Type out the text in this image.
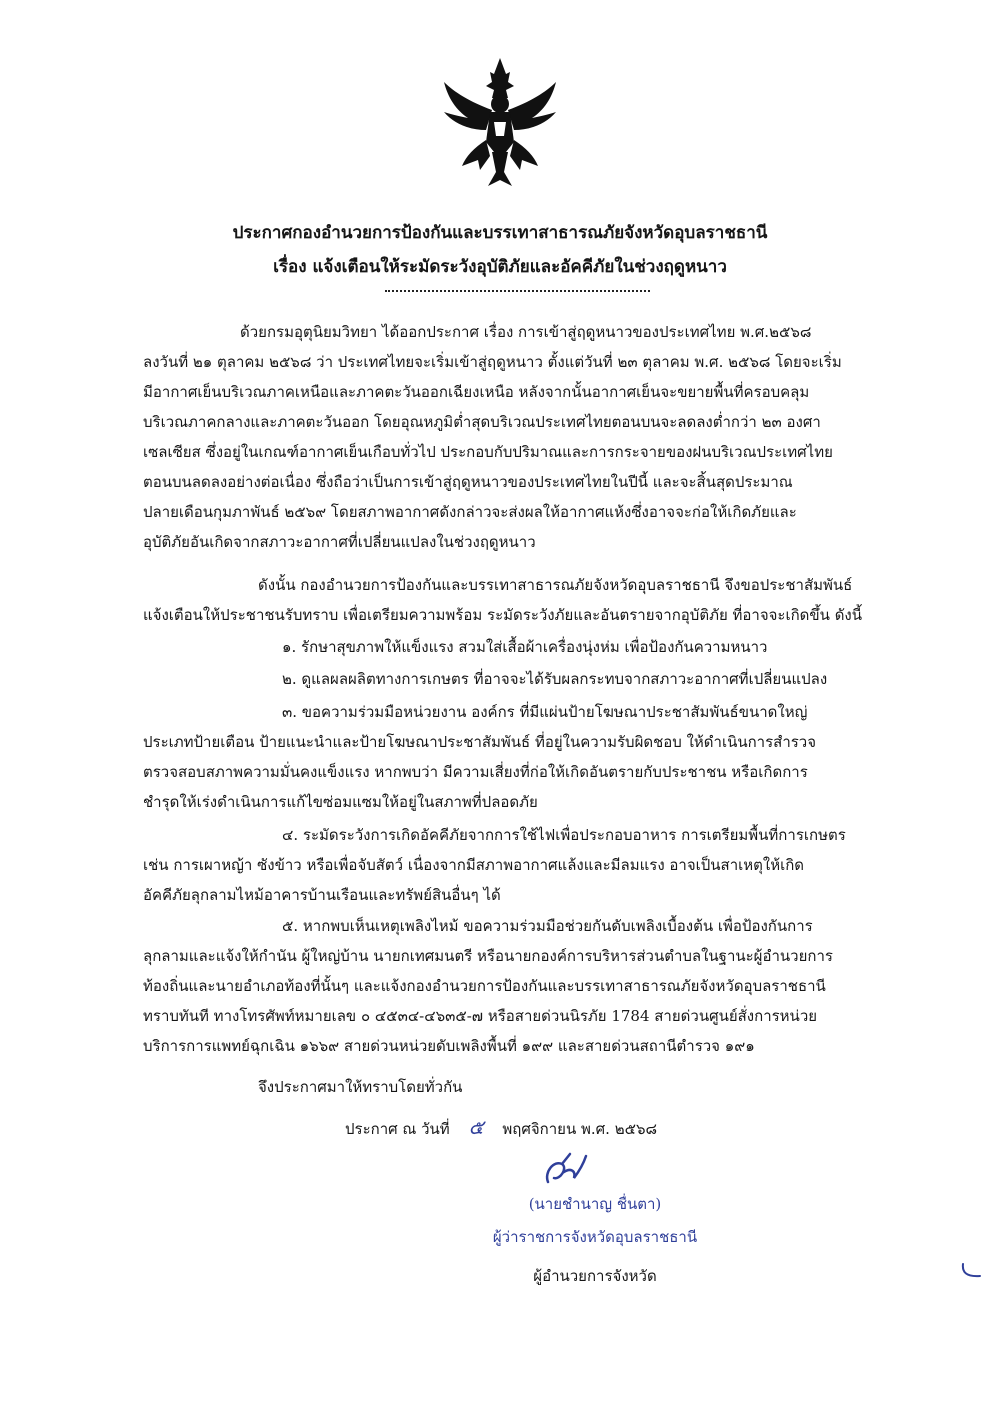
ประกาศกองอำนวยการป้องกันและบรรเทาสาธารณภัยจังหวัดอุบลราชธานี
เรื่อง แจ้งเตือนให้ระมัดระวังอุบัติภัยและอัคคีภัยในช่วงฤดูหนาว
ด้วยกรมอุตุนิยมวิทยา ได้ออกประกาศ เรื่อง การเข้าสู่ฤดูหนาวของประเทศไทย พ.ศ.๒๕๖๘
ลงวันที่ ๒๑ ตุลาคม ๒๕๖๘ ว่า ประเทศไทยจะเริ่มเข้าสู่ฤดูหนาว ตั้งแต่วันที่ ๒๓ ตุลาคม พ.ศ. ๒๕๖๘ โดยจะเริ่ม
มีอากาศเย็นบริเวณภาคเหนือและภาคตะวันออกเฉียงเหนือ หลังจากนั้นอากาศเย็นจะขยายพื้นที่ครอบคลุม
บริเวณภาคกลางและภาคตะวันออก โดยอุณหภูมิต่ำสุดบริเวณประเทศไทยตอนบนจะลดลงต่ำกว่า ๒๓ องศา
เซลเซียส ซึ่งอยู่ในเกณฑ์อากาศเย็นเกือบทั่วไป ประกอบกับปริมาณและการกระจายของฝนบริเวณประเทศไทย
ตอนบนลดลงอย่างต่อเนื่อง ซึ่งถือว่าเป็นการเข้าสู่ฤดูหนาวของประเทศไทยในปีนี้ และจะสิ้นสุดประมาณ
ปลายเดือนกุมภาพันธ์ ๒๕๖๙ โดยสภาพอากาศดังกล่าวจะส่งผลให้อากาศแห้งซึ่งอาจจะก่อให้เกิดภัยและ
อุบัติภัยอันเกิดจากสภาวะอากาศที่เปลี่ยนแปลงในช่วงฤดูหนาว
ดังนั้น กองอำนวยการป้องกันและบรรเทาสาธารณภัยจังหวัดอุบลราชธานี จึงขอประชาสัมพันธ์
แจ้งเตือนให้ประชาชนรับทราบ เพื่อเตรียมความพร้อม ระมัดระวังภัยและอันตรายจากอุบัติภัย ที่อาจจะเกิดขึ้น ดังนี้
๑. รักษาสุขภาพให้แข็งแรง สวมใส่เสื้อผ้าเครื่องนุ่งห่ม เพื่อป้องกันความหนาว
๒. ดูแลผลผลิตทางการเกษตร ที่อาจจะได้รับผลกระทบจากสภาวะอากาศที่เปลี่ยนแปลง
๓. ขอความร่วมมือหน่วยงาน องค์กร ที่มีแผ่นป้ายโฆษณาประชาสัมพันธ์ขนาดใหญ่
ประเภทป้ายเตือน ป้ายแนะนำและป้ายโฆษณาประชาสัมพันธ์ ที่อยู่ในความรับผิดชอบ ให้ดำเนินการสำรวจ
ตรวจสอบสภาพความมั่นคงแข็งแรง หากพบว่า มีความเสี่ยงที่ก่อให้เกิดอันตรายกับประชาชน หรือเกิดการ
ชำรุดให้เร่งดำเนินการแก้ไขซ่อมแซมให้อยู่ในสภาพที่ปลอดภัย
๔. ระมัดระวังการเกิดอัคคีภัยจากการใช้ไฟเพื่อประกอบอาหาร การเตรียมพื้นที่การเกษตร
เช่น การเผาหญ้า ซังข้าว หรือเพื่อจับสัตว์ เนื่องจากมีสภาพอากาศแล้งและมีลมแรง อาจเป็นสาเหตุให้เกิด
อัคคีภัยลุกลามไหม้อาคารบ้านเรือนและทรัพย์สินอื่นๆ ได้
๕. หากพบเห็นเหตุเพลิงไหม้ ขอความร่วมมือช่วยกันดับเพลิงเบื้องต้น เพื่อป้องกันการ
ลุกลามและแจ้งให้กำนัน ผู้ใหญ่บ้าน นายกเทศมนตรี หรือนายกองค์การบริหารส่วนตำบลในฐานะผู้อำนวยการ
ท้องถิ่นและนายอำเภอท้องที่นั้นๆ และแจ้งกองอำนวยการป้องกันและบรรเทาสาธารณภัยจังหวัดอุบลราชธานี
ทราบทันที ทางโทรศัพท์หมายเลข ๐ ๔๕๓๔-๔๖๓๕-๗ หรือสายด่วนนิรภัย 1784 สายด่วนศูนย์สั่งการหน่วย
บริการการแพทย์ฉุกเฉิน ๑๖๖๙ สายด่วนหน่วยดับเพลิงพื้นที่ ๑๙๙ และสายด่วนสถานีตำรวจ ๑๙๑
จึงประกาศมาให้ทราบโดยทั่วกัน
ประกาศ ณ วันที่ ๕ พฤศจิกายน พ.ศ. ๒๕๖๘
(นายชำนาญ ชื่นตา)
ผู้ว่าราชการจังหวัดอุบลราชธานี
ผู้อำนวยการจังหวัด
